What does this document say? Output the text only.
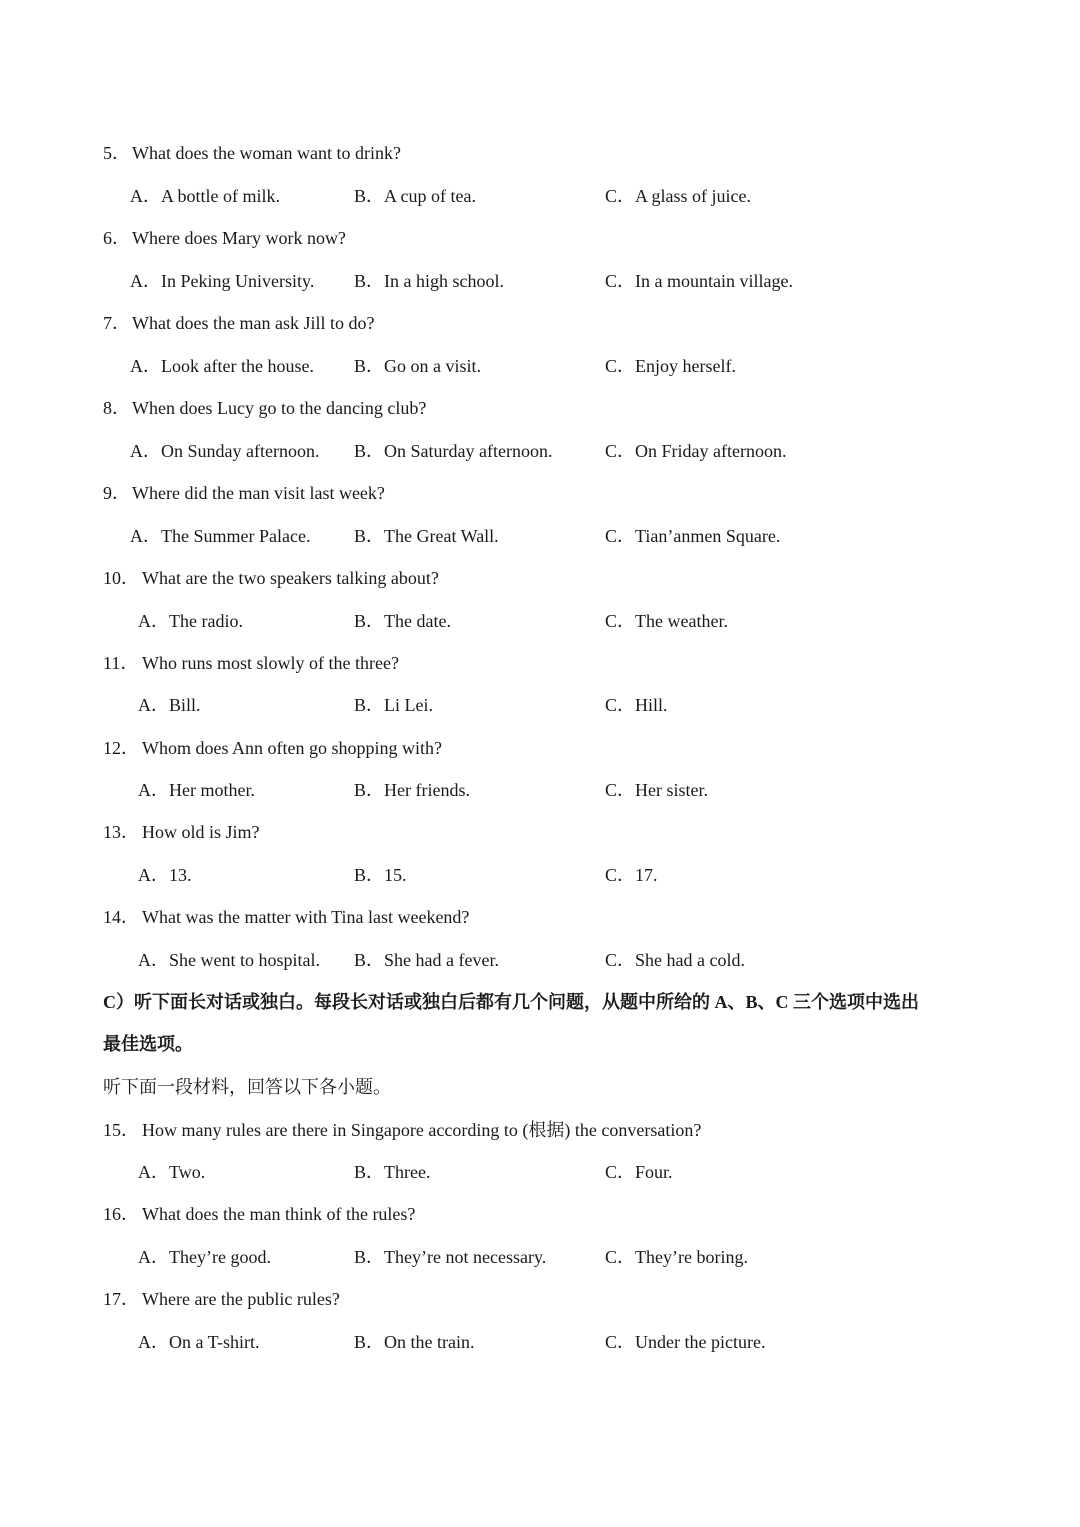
5． What does the woman want to drink?
A．A bottle of milk.	B．A cup of tea.	C．A glass of juice.
6． Where does Mary work now?
A．In Peking University. B．In a high school.	C．In a mountain village.
7． What does the man ask Jill to do?
A．Look after the house. B．Go on a visit.	C．Enjoy herself.
8． When does Lucy go to the dancing club?
A．On Sunday afternoon. B．On Saturday afternoon.	C．On Friday afternoon.
9． Where did the man visit last week?
A．The Summer Palace. B．The Great Wall.	C．Tian’anmen Square.
10． What are the two speakers talking about?
A．The radio.	B．The date.	C．The weather.
11． Who runs most slowly of the three?
A．Bill.	B．Li Lei.	C．Hill.
12． Whom does Ann often go shopping with?
A．Her mother.	B．Her friends.	C．Her sister.
13． How old is Jim?
A．13.	B．15.	C．17.
14． What was the matter with Tina last weekend?
A．She went to hospital. B．She had a fever.	C．She had a cold.
C）听下面长对话或独白。每段长对话或独白后都有几个问题，从题中所给的 A、B、C 三个选项中选出
最佳选项。
听下面一段材料，回答以下各小题。
15． How many rules are there in Singapore according to (根据) the conversation?
A．Two.	B．Three.	C．Four.
16． What does the man think of the rules?
A．They’re good.	B．They’re not necessary.	C．They’re boring.
17． Where are the public rules?
A．On a T-shirt.	B．On the train.	C．Under the picture.
